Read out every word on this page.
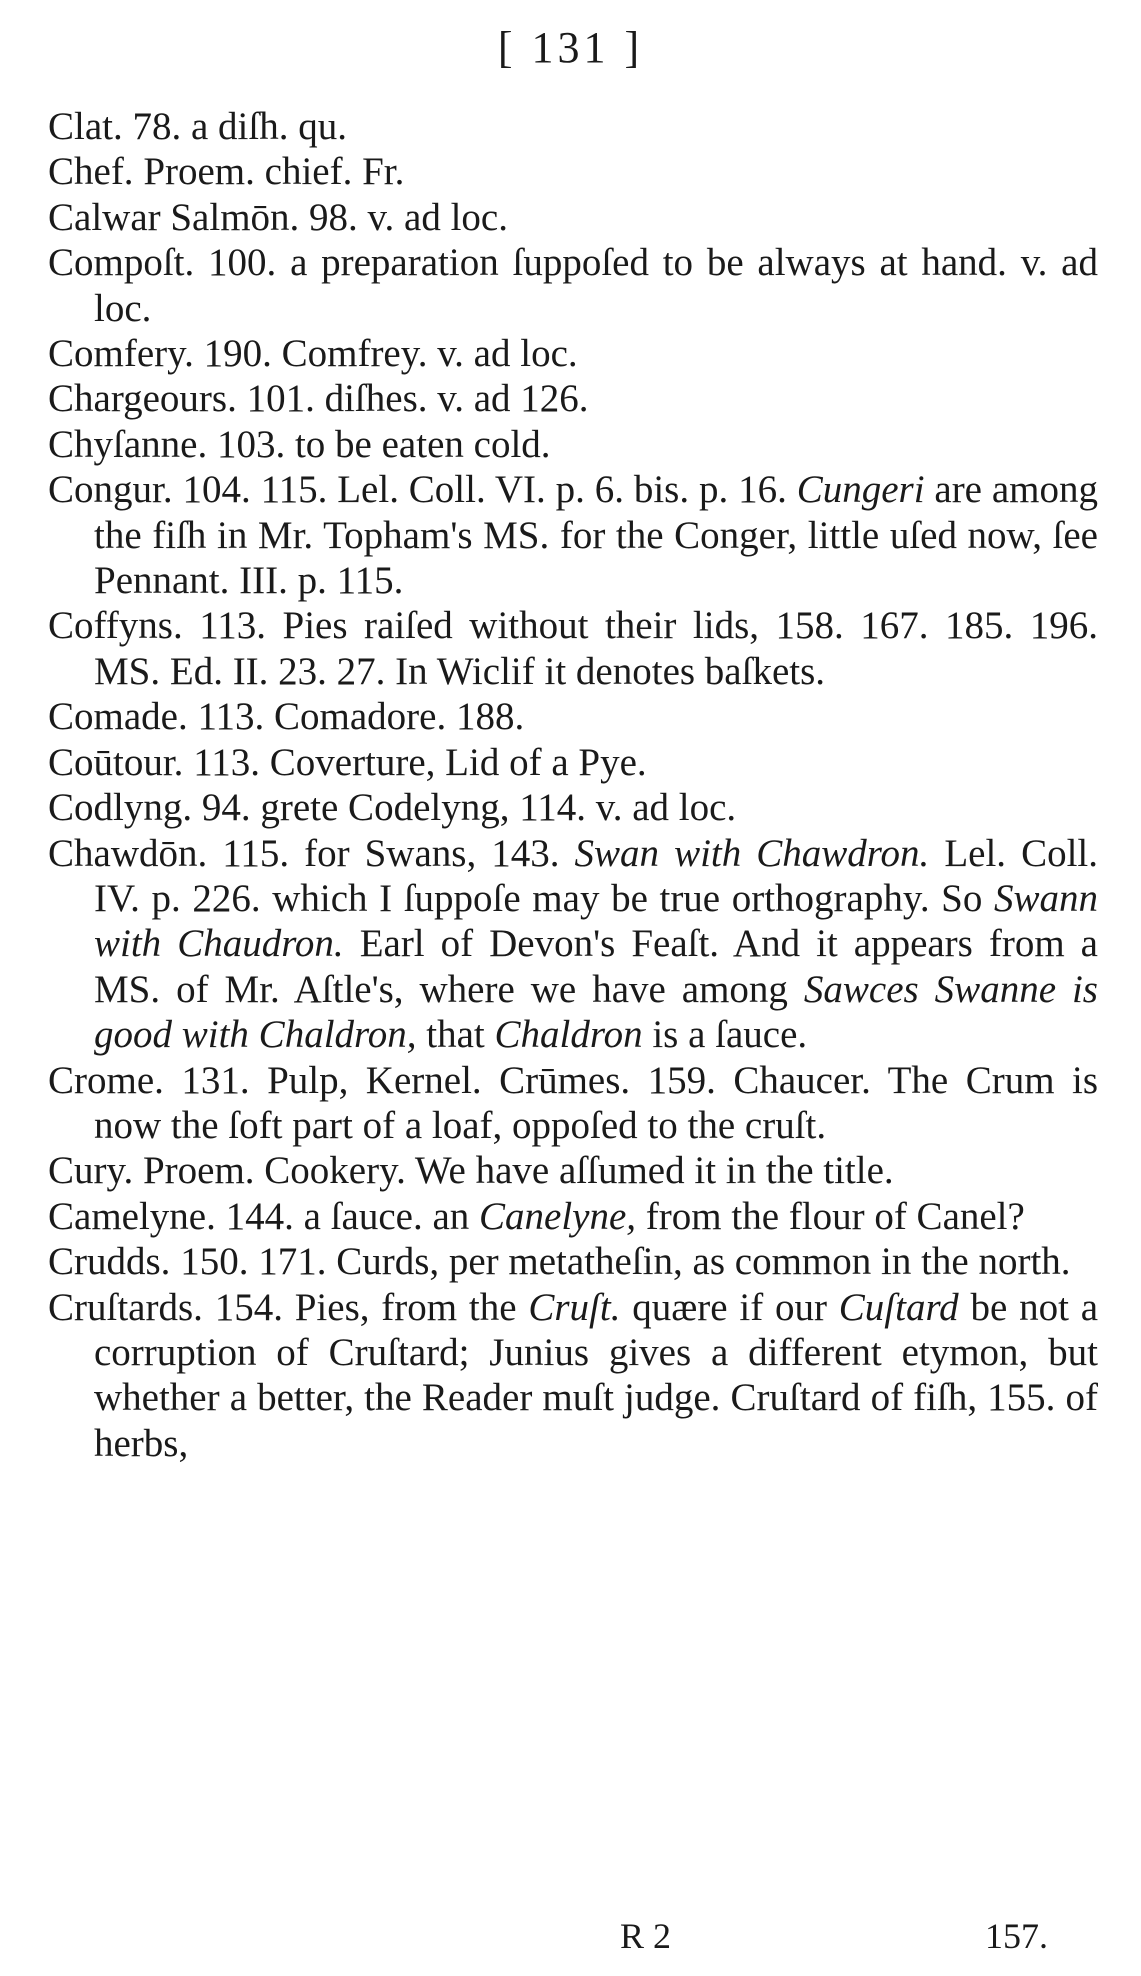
[ 131 ]

Clat. 78. a diſh. qu.

Chef. Proem. chief. Fr.

Calwar Salmōn. 98. v. ad loc.

Compoſt. 100. a preparation ſuppoſed to be always at hand. v. ad loc.

Comfery. 190. Comfrey. v. ad loc.

Chargeours. 101. diſhes. v. ad 126.

Chyſanne. 103. to be eaten cold.

Congur. 104. 115. Lel. Coll. VI. p. 6. bis. p. 16. Cungeri are among the fiſh in Mr. Topham's MS. for the Conger, little uſed now, ſee Pennant. III. p. 115.

Coffyns. 113. Pies raiſed without their lids, 158. 167. 185. 196. MS. Ed. II. 23. 27. In Wiclif it denotes baſkets.

Comade. 113. Comadore. 188.

Coūtour. 113. Coverture, Lid of a Pye.

Codlyng. 94. grete Codelyng, 114. v. ad loc.

Chawdōn. 115. for Swans, 143. Swan with Chawdron. Lel. Coll. IV. p. 226. which I ſuppoſe may be true orthography. So Swann with Chaudron. Earl of Devon's Feaſt. And it appears from a MS. of Mr. Aſtle's, where we have among Sawces Swanne is good with Chaldron, that Chaldron is a ſauce.

Crome. 131. Pulp, Kernel. Crūmes. 159. Chaucer. The Crum is now the ſoft part of a loaf, oppoſed to the cruſt.

Cury. Proem. Cookery. We have aſſumed it in the title.

Camelyne. 144. a ſauce. an Canelyne, from the flour of Canel?

Crudds. 150. 171. Curds, per metatheſin, as common in the north.

Cruſtards. 154. Pies, from the Cruſt. quære if our Cuſtard be not a corruption of Cruſtard; Junius gives a different etymon, but whether a better, the Reader muſt judge. Cruſtard of fiſh, 155. of herbs,

R 2	157.
